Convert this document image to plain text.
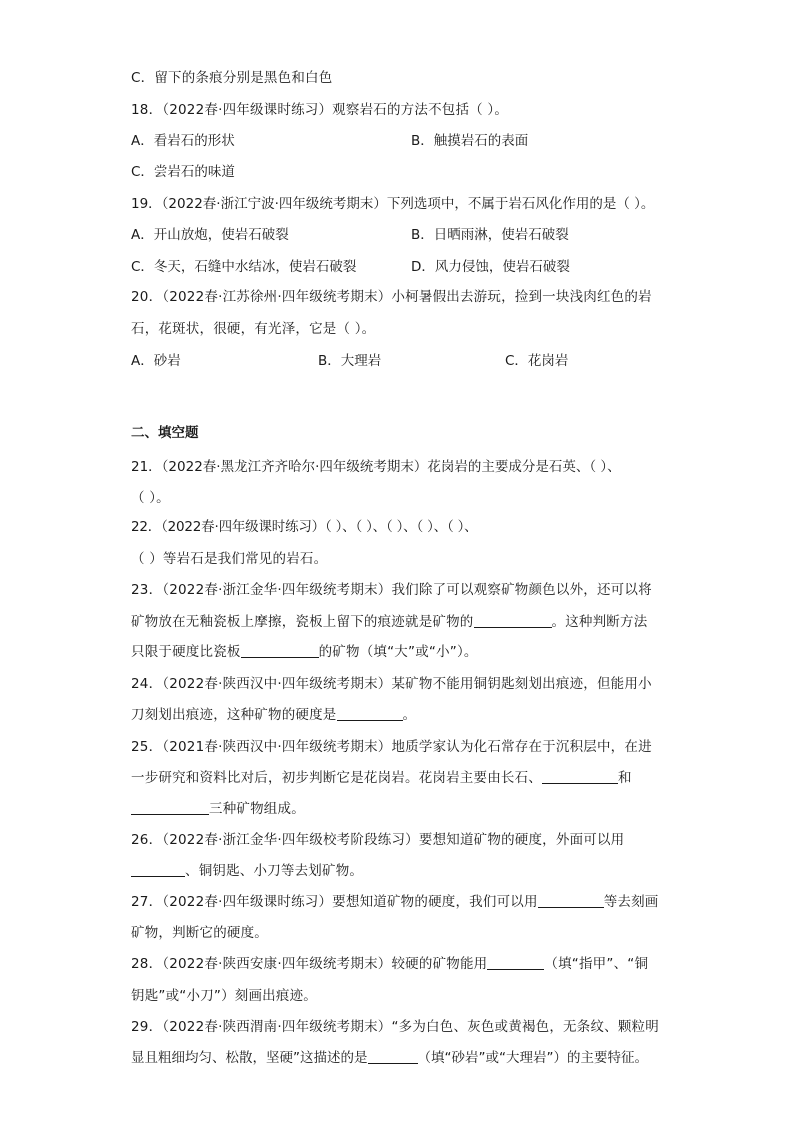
C．留下的条痕分别是黑色和白色
18．（2022春·四年级课时练习）观察岩石的方法不包括（ ）。
A．看岩石的形状	B．触摸岩石的表面
C．尝岩石的味道
19．（2022春·浙江宁波·四年级统考期末）下列选项中，不属于岩石风化作用的是（ ）。
A．开山放炮，使岩石破裂	B．日晒雨淋，使岩石破裂
C．冬天，石缝中水结冰，使岩石破裂	D．风力侵蚀，使岩石破裂
20．（2022春·江苏徐州·四年级统考期末）小柯暑假出去游玩，捡到一块浅肉红色的岩
石，花斑状，很硬，有光泽，它是（ ）。
A．砂岩	B．大理岩	C．花岗岩
二、填空题
21．（2022春·黑龙江齐齐哈尔·四年级统考期末）花岗岩的主要成分是石英、（ ）、
（ ）。
22．（2022春·四年级课时练习）（ ）、（ ）、（ ）、（ ）、（ ）、
（ ）等岩石是我们常见的岩石。
23．（2022春·浙江金华·四年级统考期末）我们除了可以观察矿物颜色以外，还可以将
矿物放在无釉瓷板上摩擦，瓷板上留下的痕迹就是矿物的	。这种判断方法
只限于硬度比瓷板	的矿物（填“大”或“小”）。
24．（2022春·陕西汉中·四年级统考期末）某矿物不能用铜钥匙刻划出痕迹，但能用小
刀刻划出痕迹，这种矿物的硬度是	。
25．（2021春·陕西汉中·四年级统考期末）地质学家认为化石常存在于沉积层中，在进
一步研究和资料比对后，初步判断它是花岗岩。花岗岩主要由长石、	和
三种矿物组成。
26．（2022春·浙江金华·四年级校考阶段练习）要想知道矿物的硬度，外面可以用
、铜钥匙、小刀等去划矿物。
27．（2022春·四年级课时练习）要想知道矿物的硬度，我们可以用	等去刻画
矿物，判断它的硬度。
28．（2022春·陕西安康·四年级统考期末）较硬的矿物能用	（填“指甲”、“铜
钥匙”或“小刀”）刻画出痕迹。
29．（2022春·陕西渭南·四年级统考期末）“多为白色、灰色或黄褐色，无条纹、颗粒明
显且粗细均匀、松散，坚硬”这描述的是	（填“砂岩”或“大理岩”）的主要特征。
